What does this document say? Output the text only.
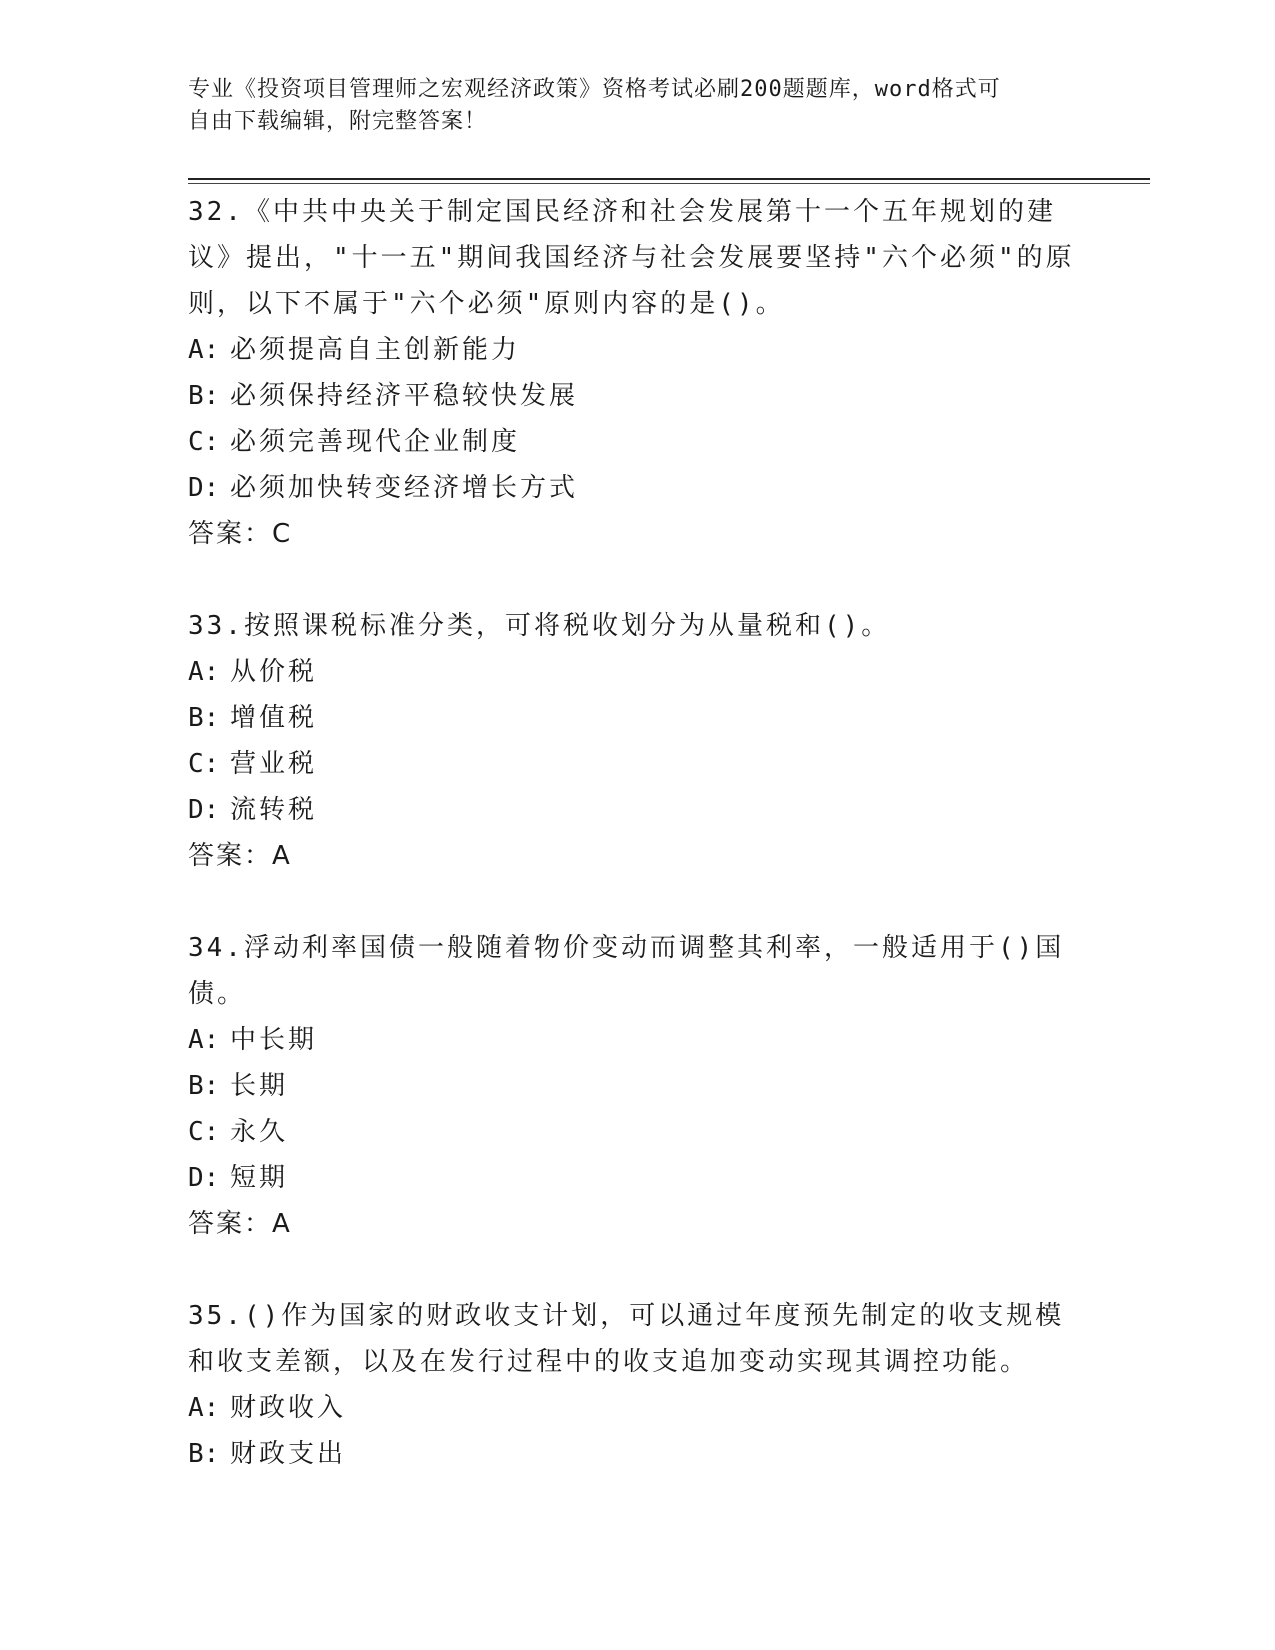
专业《投资项目管理师之宏观经济政策》资格考试必刷200题题库，word格式可
自由下载编辑，附完整答案！
32.《中共中央关于制定国民经济和社会发展第十一个五年规划的建议》提出，"十一五"期间我国经济与社会发展要坚持"六个必须"的原则，以下不属于"六个必须"原则内容的是()。
A: 必须提高自主创新能力
B: 必须保持经济平稳较快发展
C: 必须完善现代企业制度
D: 必须加快转变经济增长方式
答案：C
33.按照课税标准分类，可将税收划分为从量税和()。
A: 从价税
B: 增值税
C: 营业税
D: 流转税
答案：A
34.浮动利率国债一般随着物价变动而调整其利率，一般适用于()国债。
A: 中长期
B: 长期
C: 永久
D: 短期
答案：A
35.()作为国家的财政收支计划，可以通过年度预先制定的收支规模和收支差额，以及在发行过程中的收支追加变动实现其调控功能。
A: 财政收入
B: 财政支出
